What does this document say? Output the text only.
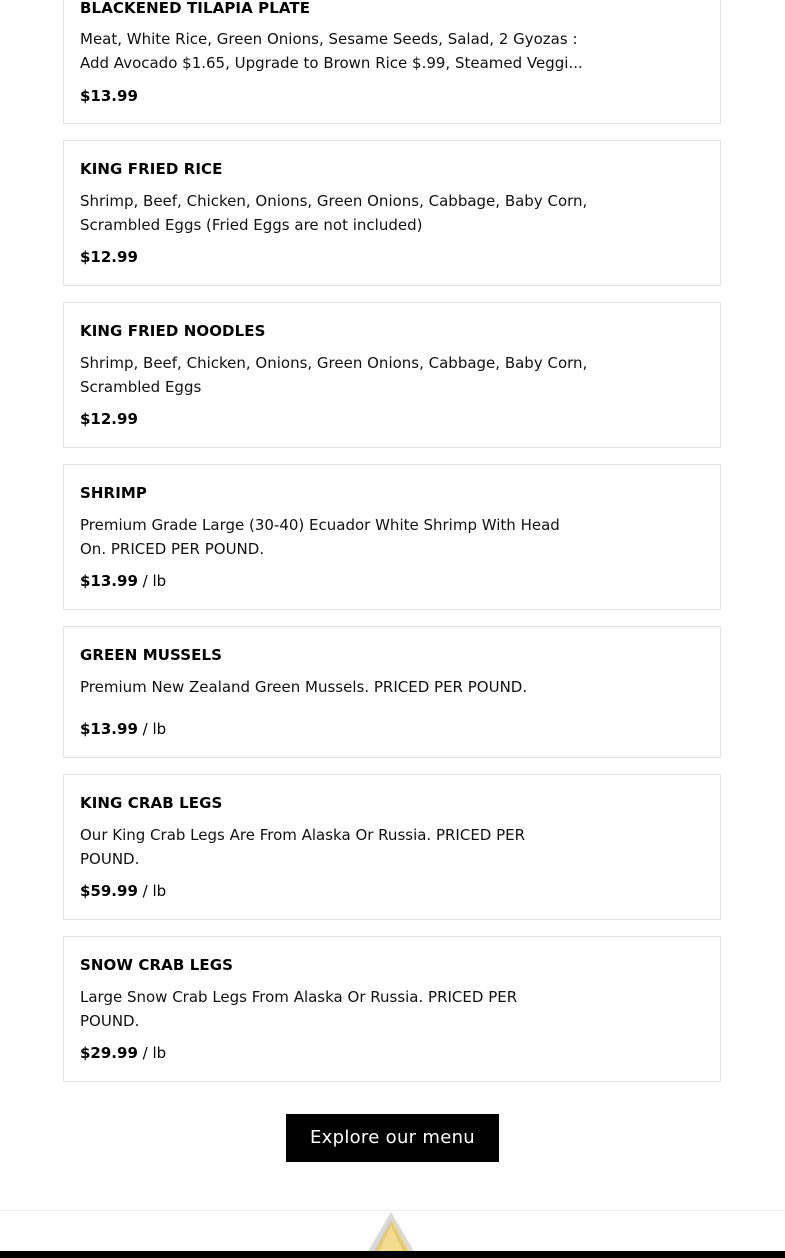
BLACKENED TILAPIA PLATE
Meat, White Rice, Green Onions, Sesame Seeds, Salad, 2 Gyozas :
Add Avocado $1.65, Upgrade to Brown Rice $.99, Steamed Veggi...
$13.99
KING FRIED RICE
Shrimp, Beef, Chicken, Onions, Green Onions, Cabbage, Baby Corn,
Scrambled Eggs (Fried Eggs are not included)
$12.99
KING FRIED NOODLES
Shrimp, Beef, Chicken, Onions, Green Onions, Cabbage, Baby Corn,
Scrambled Eggs
$12.99
SHRIMP
Premium Grade Large (30-40) Ecuador White Shrimp With Head
On. PRICED PER POUND.
$13.99 / lb
GREEN MUSSELS
Premium New Zealand Green Mussels. PRICED PER POUND.
$13.99 / lb
KING CRAB LEGS
Our King Crab Legs Are From Alaska Or Russia. PRICED PER
POUND.
$59.99 / lb
SNOW CRAB LEGS
Large Snow Crab Legs From Alaska Or Russia. PRICED PER
POUND.
$29.99 / lb
Explore our menu
